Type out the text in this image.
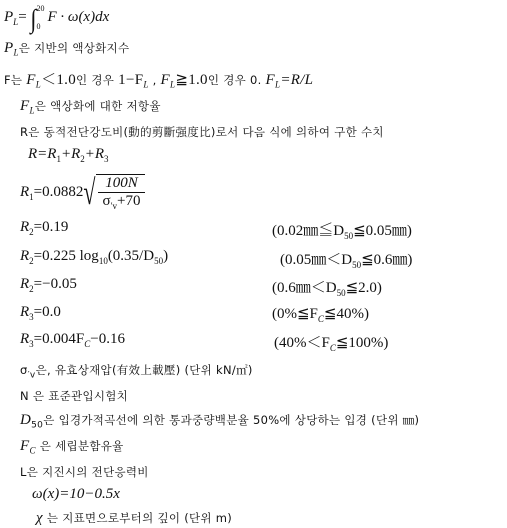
$P_L=$ ∫ 20

0
F · ω(x)dx
$P_L$은 지반의 액상화지수
F는 $F_L<1.0$인 경우 $1-F_L$ , $F_L≧1.0$인 경우 0. $F_L=R/L$
$F_L$은 액상화에 대한 저항율
R은 동적전단강도비(動的剪斷强度比)로서 다음 식에 의하여 구한 수치
$R=R_1+R_2+R_3$
$R_1=0.0882√ \frac{100N}{\sigma_{'v}+70}$
$R_2=0.19$	$(0.02㎜≦D_{50}≦0.05㎜)$
$R_2=0.225$ $\log_{10}(0.35/D_{50})$	$(0.05㎜<D_{50}≦0.6㎜)$
$R_2=-0.05$	$(0.6㎜<D_{50}≦2.0)$
$R_3=0.0$	$(0\%≦F_C≦40\%)$
$R_3=0.004F_C-0.16$	$(40\%<F_C≦100\%)$
$\sigma_{'v}$은, 유효상재압(有效上載壓) (단위 kN/㎡)
N 은 표준관입시험치
$D_{50}$은 입경가적곡선에 의한 통과중량백분율 50%에 상당하는 입경 (단위 ㎜)
$F_C$ 은 세립분함유율
L은 지진시의 전단응력비
ω(x)=10−0.5x
χ 는 지표면으로부터의 깊이 (단위 m)
